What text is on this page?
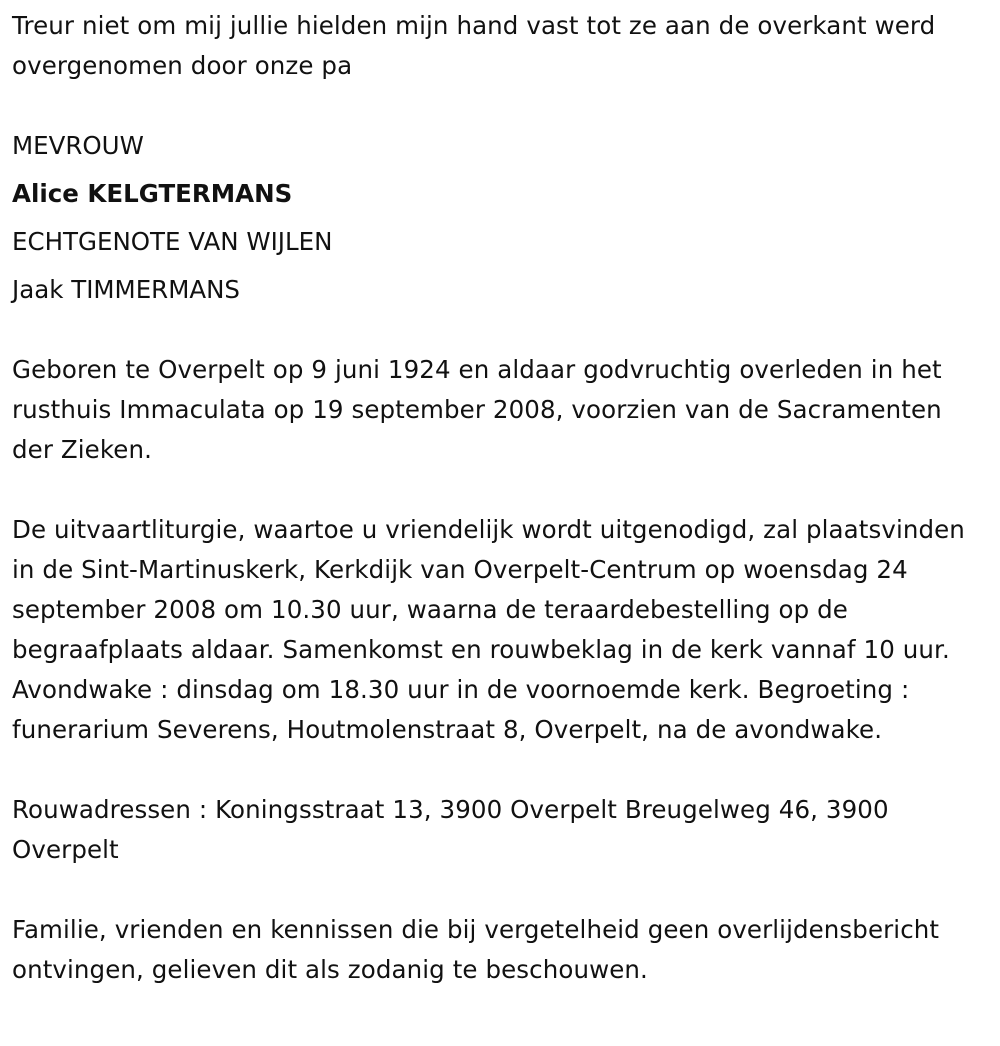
Treur niet om mij jullie hielden mijn hand vast tot ze aan de overkant werd overgenomen door onze pa

MEVROUW

Alice KELGTERMANS

ECHTGENOTE VAN WIJLEN

Jaak TIMMERMANS

Geboren te Overpelt op 9 juni 1924 en aldaar godvruchtig overleden in het rusthuis Immaculata op 19 september 2008, voorzien van de Sacramenten der Zieken.

De uitvaartliturgie, waartoe u vriendelijk wordt uitgenodigd, zal plaatsvinden in de Sint-Martinuskerk, Kerkdijk van Overpelt-Centrum op woensdag 24 september 2008 om 10.30 uur, waarna de teraardebestelling op de begraafplaats aldaar. Samenkomst en rouwbeklag in de kerk vannaf 10 uur. Avondwake : dinsdag om 18.30 uur in de voornoemde kerk. Begroeting : funerarium Severens, Houtmolenstraat 8, Overpelt, na de avondwake.

Rouwadressen : Koningsstraat 13, 3900 Overpelt Breugelweg 46, 3900 Overpelt

Familie, vrienden en kennissen die bij vergetelheid geen overlijdensbericht ontvingen, gelieven dit als zodanig te beschouwen.
